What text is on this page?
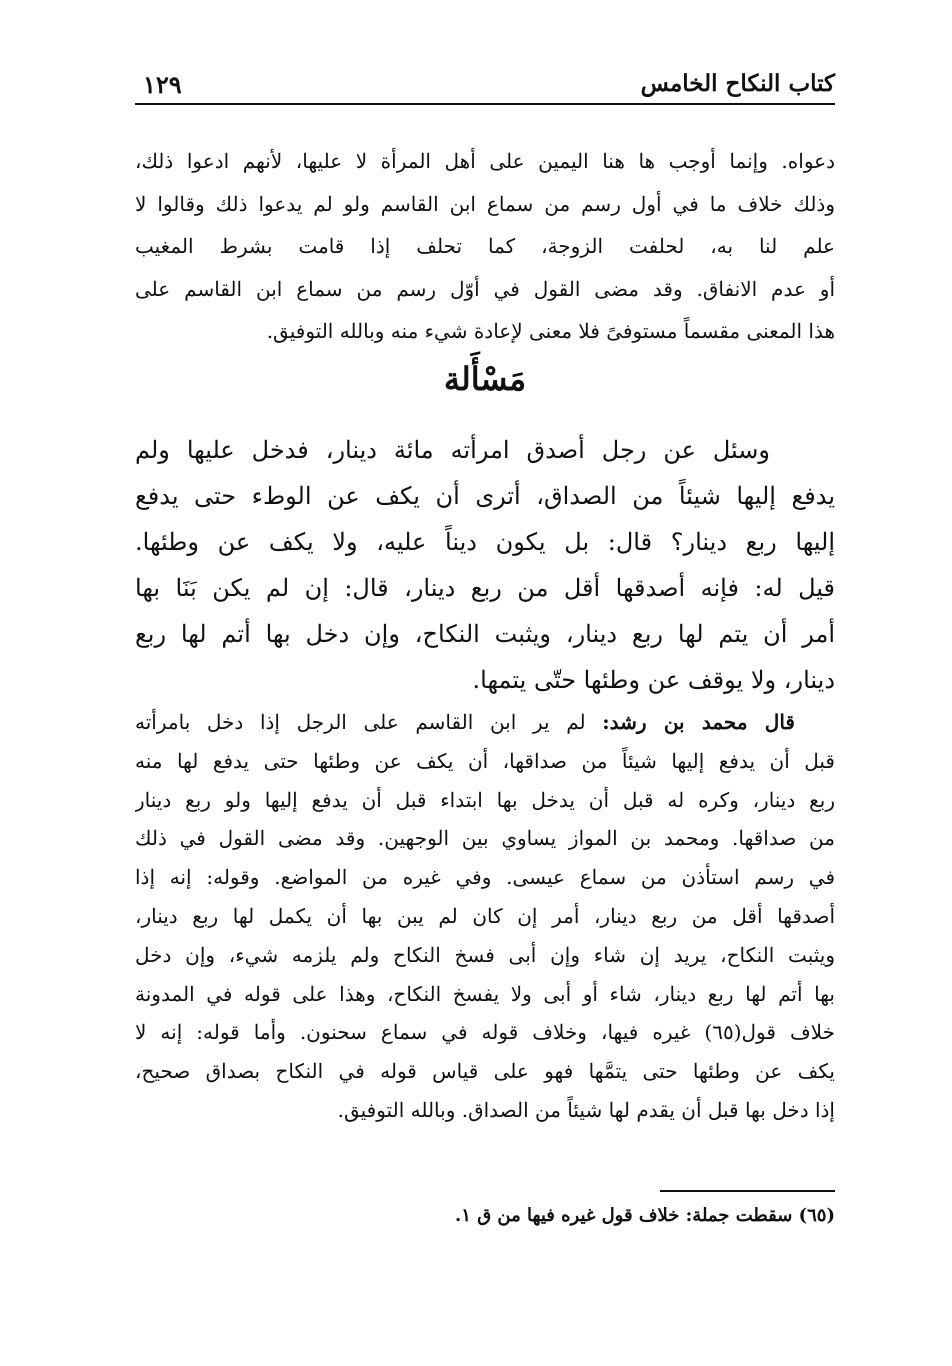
كتاب النكاح الخامس
١٢٩
دعواه. وإنما أوجب ها هنا اليمين على أهل المرأة لا عليها، لأنهم ادعوا ذلك،
وذلك خلاف ما في أول رسم من سماع ابن القاسم ولو لم يدعوا ذلك وقالوا لا
علم لنا به، لحلفت الزوجة، كما تحلف إذا قامت بشرط المغيب
أو عدم الانفاق. وقد مضى القول في أوّل رسم من سماع ابن القاسم على
هذا المعنى مقسماً مستوفىً فلا معنى لإعادة شيء منه وبالله التوفيق.
مَسْأَلة
وسئل عن رجل أصدق امرأته مائة دينار، فدخل عليها ولم
يدفع إليها شيئاً من الصداق، أترى أن يكف عن الوطء حتى يدفع
إليها ربع دينار؟ قال: بل يكون ديناً عليه، ولا يكف عن وطئها.
قيل له: فإنه أصدقها أقل من ربع دينار، قال: إن لم يكن بَنَا بها
أمر أن يتم لها ربع دينار، ويثبت النكاح، وإن دخل بها أتم لها ربع
دينار، ولا يوقف عن وطئها حتّى يتمها.
قال محمد بن رشد: لم ير ابن القاسم على الرجل إذا دخل بامرأته
قبل أن يدفع إليها شيئاً من صداقها، أن يكف عن وطئها حتى يدفع لها منه
ربع دينار، وكره له قبل أن يدخل بها ابتداء قبل أن يدفع إليها ولو ربع دينار
من صداقها. ومحمد بن المواز يساوي بين الوجهين. وقد مضى القول في ذلك
في رسم استأذن من سماع عيسى. وفي غيره من المواضع. وقوله: إنه إذا
أصدقها أقل من ربع دينار، أمر إن كان لم يبن بها أن يكمل لها ربع دينار،
ويثبت النكاح، يريد إن شاء وإن أبى فسخ النكاح ولم يلزمه شيء، وإن دخل
بها أتم لها ربع دينار، شاء أو أبى ولا يفسخ النكاح، وهذا على قوله في المدونة
خلاف قول(٦٥) غيره فيها، وخلاف قوله في سماع سحنون. وأما قوله: إنه لا
يكف عن وطئها حتى يتمَّها فهو على قياس قوله في النكاح بصداق صحيح،
إذا دخل بها قبل أن يقدم لها شيئاً من الصداق. وبالله التوفيق.
(٦٥) سقطت جملة: خلاف قول غيره فيها من ق ١.
